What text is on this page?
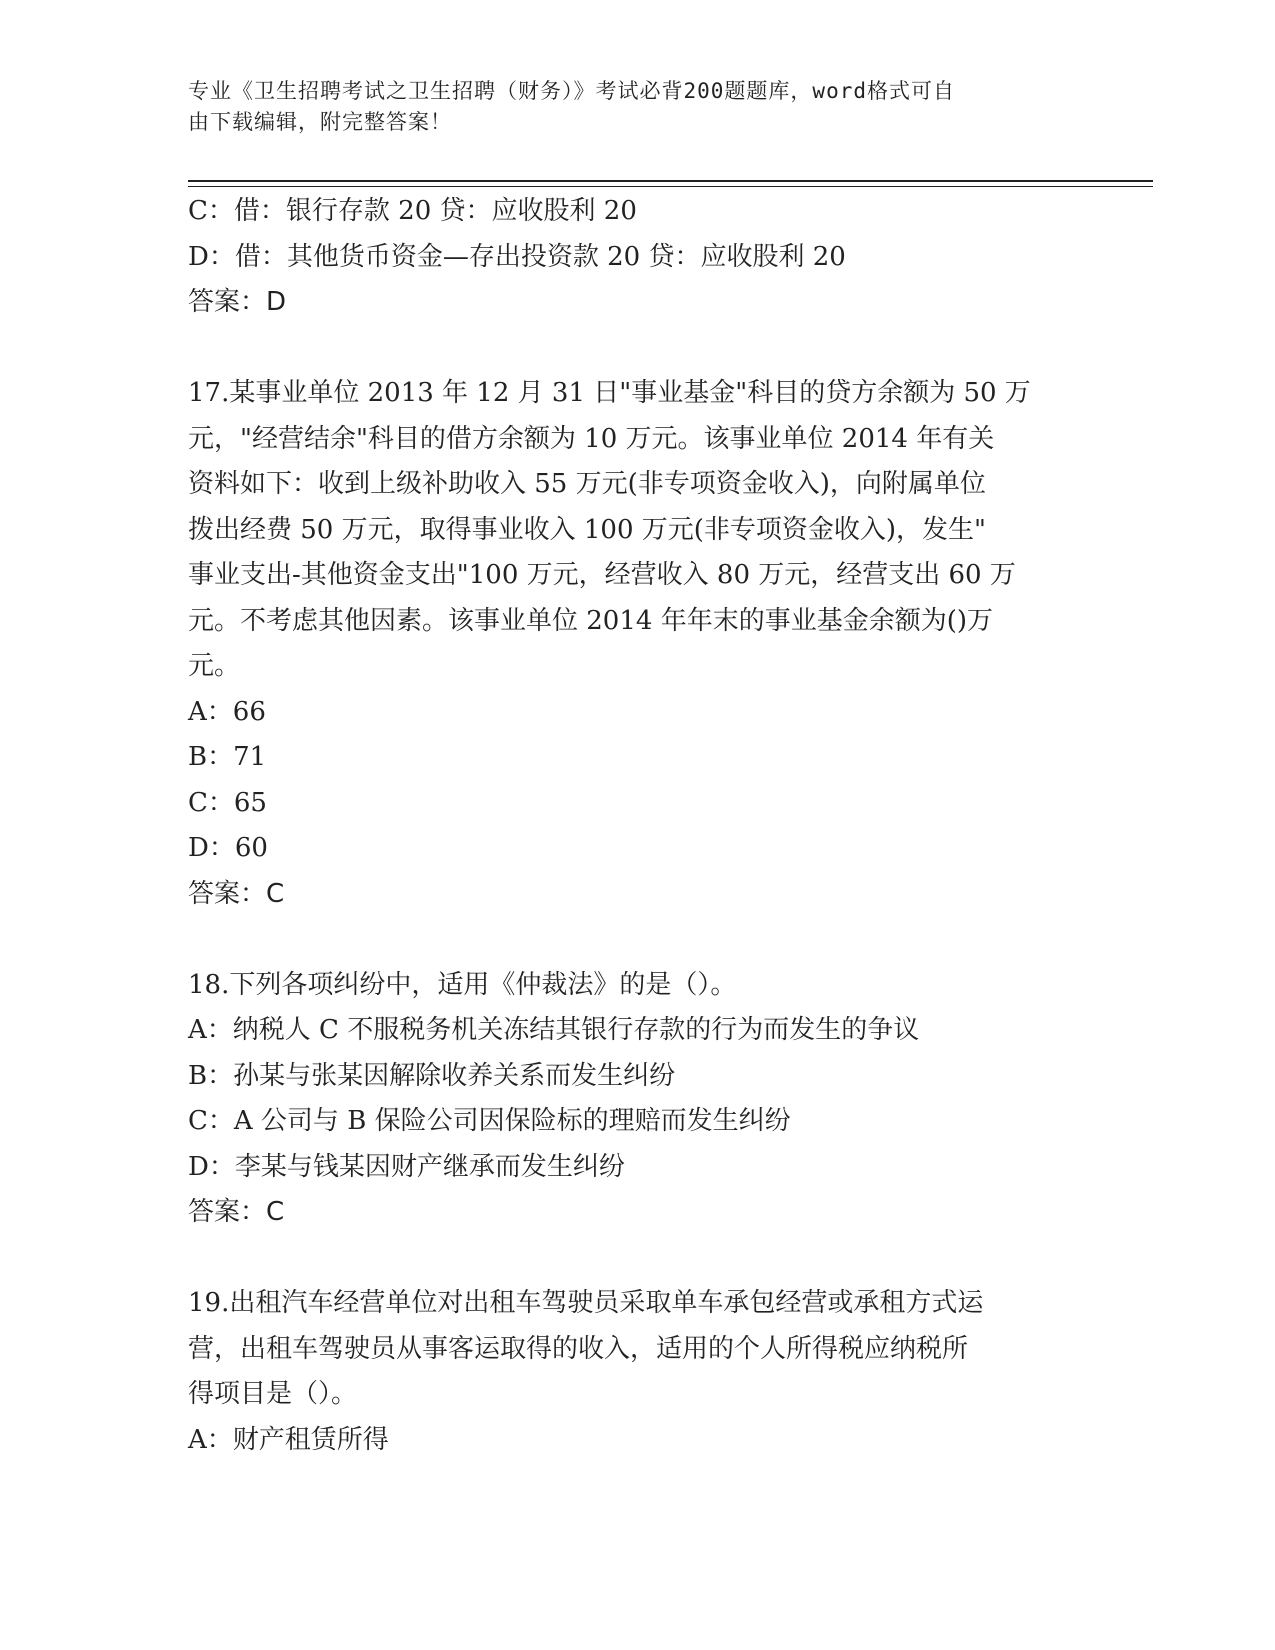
专业《卫生招聘考试之卫生招聘（财务）》考试必背200题题库，word格式可自
由下载编辑，附完整答案！
C：借：银行存款 20 贷：应收股利 20
D：借：其他货币资金—存出投资款 20 贷：应收股利 20
答案：D
17.某事业单位 2013 年 12 月 31 日"事业基金"科目的贷方余额为 50 万
元，"经营结余"科目的借方余额为 10 万元。该事业单位 2014 年有关
资料如下：收到上级补助收入 55 万元(非专项资金收入)，向附属单位
拨出经费 50 万元，取得事业收入 100 万元(非专项资金收入)，发生"
事业支出-其他资金支出"100 万元，经营收入 80 万元，经营支出 60 万
元。不考虑其他因素。该事业单位 2014 年年末的事业基金余额为()万
元。
A：66
B：71
C：65
D：60
答案：C
18.下列各项纠纷中，适用《仲裁法》的是（）。
A：纳税人 C 不服税务机关冻结其银行存款的行为而发生的争议
B：孙某与张某因解除收养关系而发生纠纷
C：A 公司与 B 保险公司因保险标的理赔而发生纠纷
D：李某与钱某因财产继承而发生纠纷
答案：C
19.出租汽车经营单位对出租车驾驶员采取单车承包经营或承租方式运
营，出租车驾驶员从事客运取得的收入，适用的个人所得税应纳税所
得项目是（）。
A：财产租赁所得
